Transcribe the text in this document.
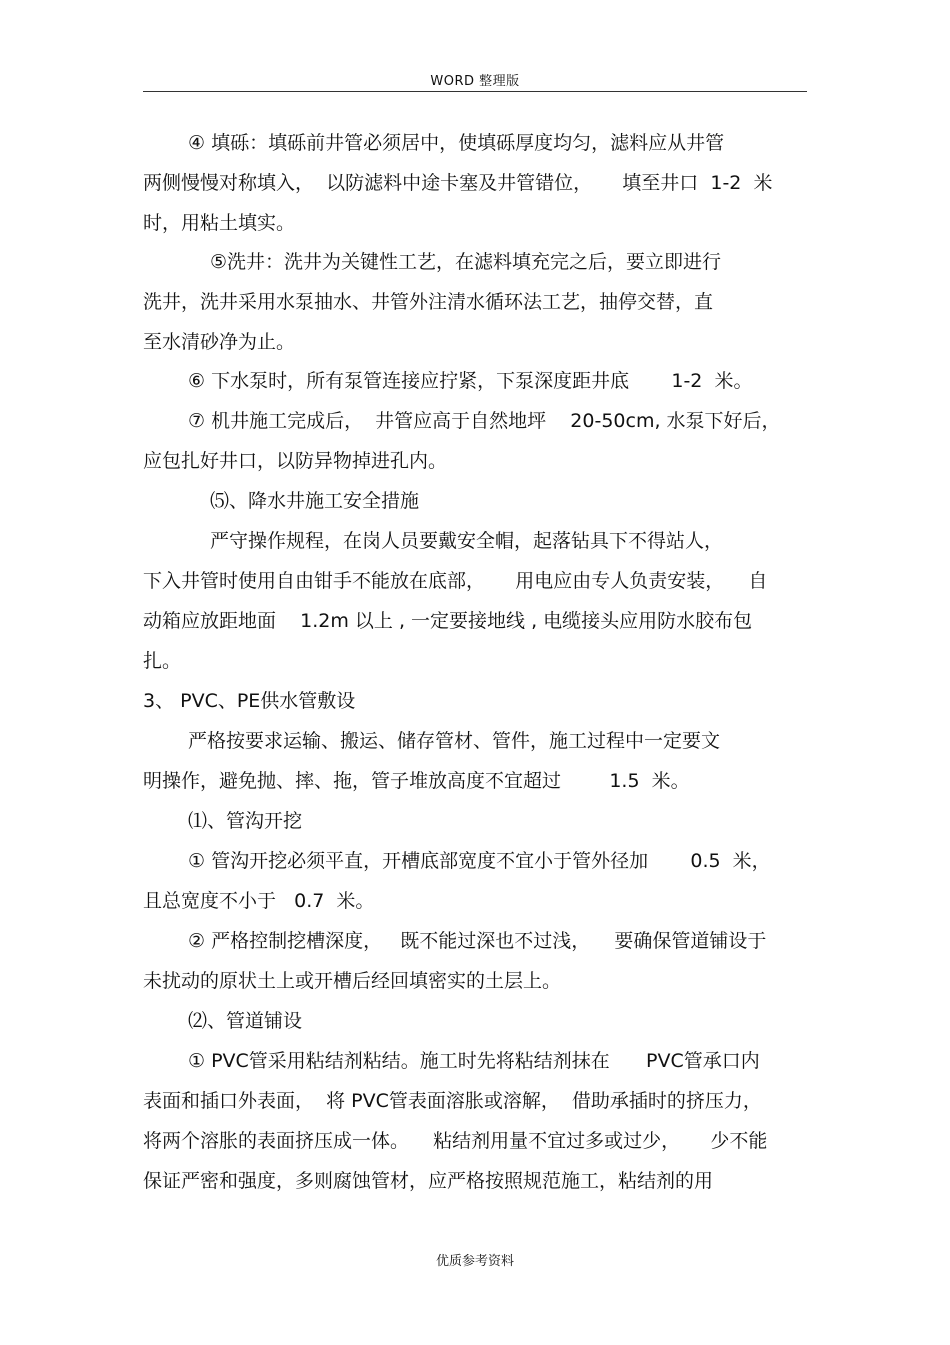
WORD 整理版
④ 填砾：填砾前井管必须居中，使填砾厚度均匀，滤料应从井管
两侧慢慢对称填入，  以防滤料中途卡塞及井管错位，     填至井口  1-2  米
时，用粘土填实。
⑤洗井：洗井为关键性工艺，在滤料填充完之后，要立即进行
洗井，洗井采用水泵抽水、井管外注清水循环法工艺，抽停交替，直
至水清砂净为止。
⑥ 下水泵时，所有泵管连接应拧紧，下泵深度距井底       1-2  米。
⑦ 机井施工完成后，  井管应高于自然地坪    20-50cm, 水泵下好后，
应包扎好井口，以防异物掉进孔内。
⑸、降水井施工安全措施
严守操作规程，在岗人员要戴安全帽，起落钻具下不得站人，
下入井管时使用自由钳手不能放在底部，     用电应由专人负责安装，    自
动箱应放距地面    1.2m 以上 , 一定要接地线 , 电缆接头应用防水胶布包
扎。
3、 PVC、PE供水管敷设
严格按要求运输、搬运、储存管材、管件，施工过程中一定要文
明操作，避免抛、摔、拖，管子堆放高度不宜超过        1.5  米。
⑴、管沟开挖
① 管沟开挖必须平直，开槽底部宽度不宜小于管外径加       0.5  米，
且总宽度不小于   0.7  米。
② 严格控制挖槽深度，   既不能过深也不过浅，    要确保管道铺设于
未扰动的原状土上或开槽后经回填密实的土层上。
⑵、管道铺设
① PVC管采用粘结剂粘结。施工时先将粘结剂抹在      PVC管承口内
表面和插口外表面，  将 PVC管表面溶胀或溶解，  借助承插时的挤压力，
将两个溶胀的表面挤压成一体。    粘结剂用量不宜过多或过少，     少不能
保证严密和强度，多则腐蚀管材，应严格按照规范施工，粘结剂的用
优质参考资料
